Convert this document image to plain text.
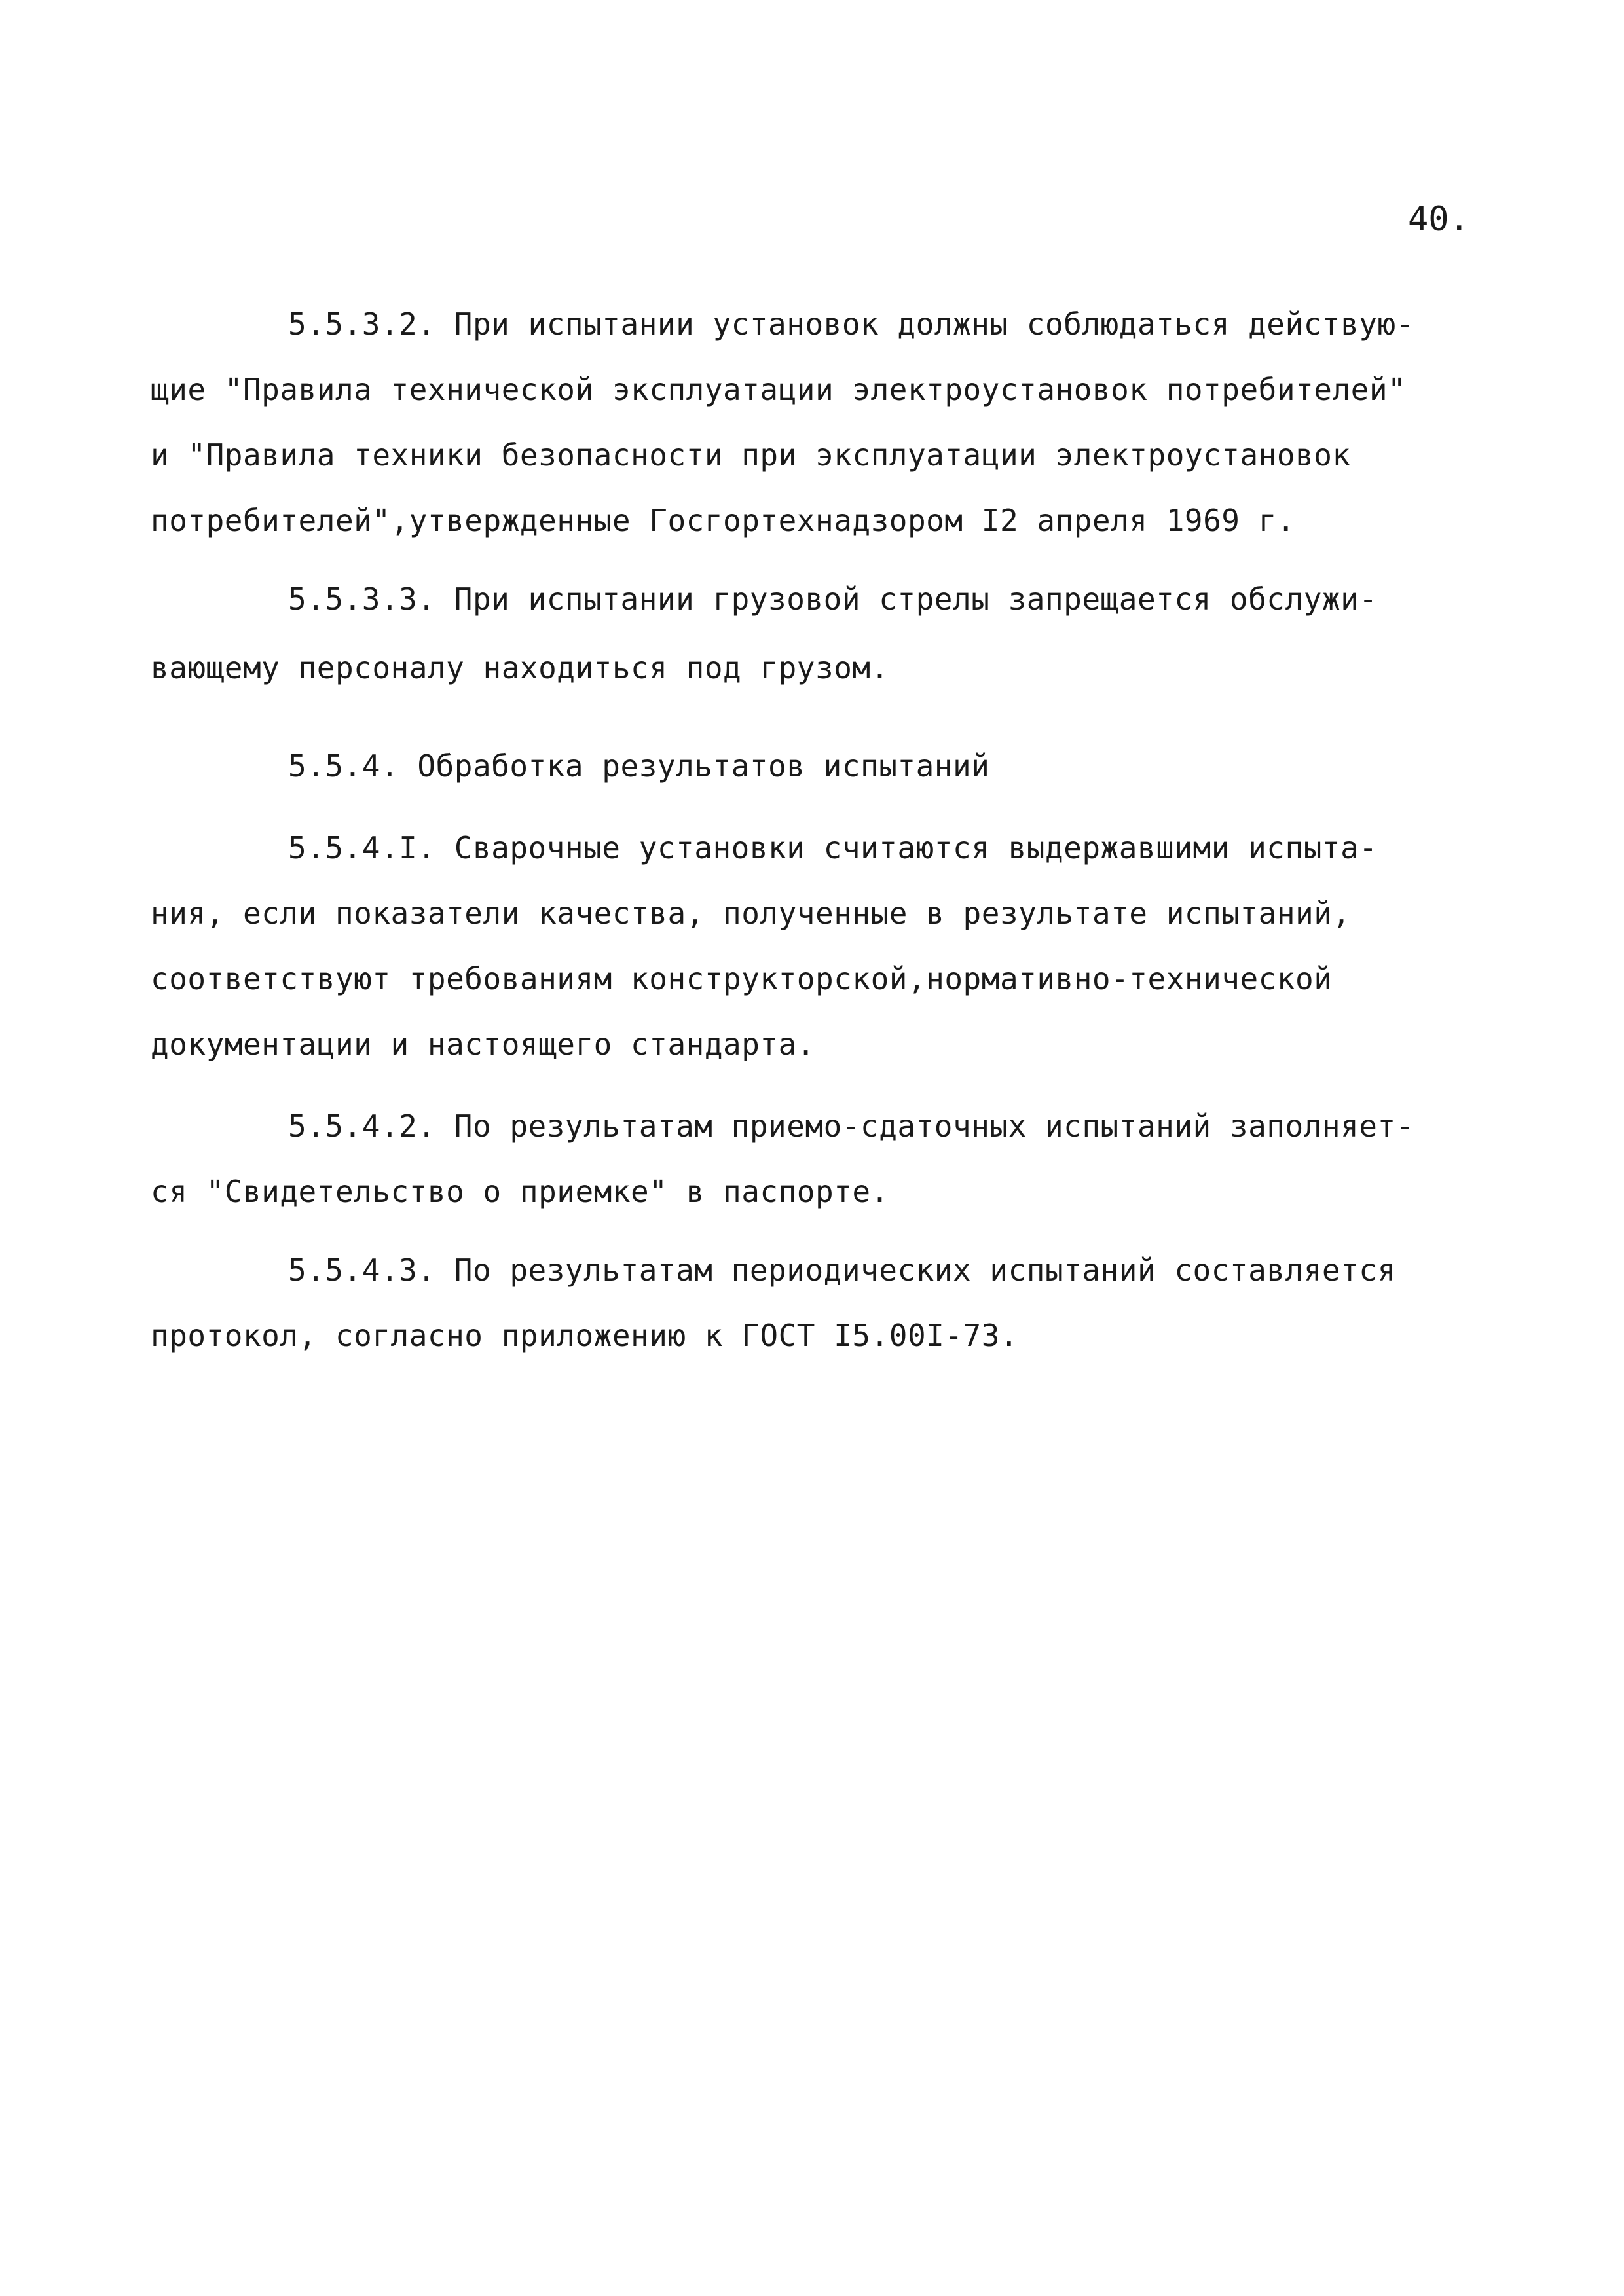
40.
5.5.3.2. При испытании установок должны соблюдаться действую-
щие "Правила технической эксплуатации электроустановок потребителей"
и "Правила техники безопасности при эксплуатации электроустановок
потребителей",утвержденные Госгортехнадзором I2 апреля 1969 г.
5.5.3.3. При испытании грузовой стрелы запрещается обслужи-
вающему персоналу находиться под грузом.
5.5.4. Обработка результатов испытаний
5.5.4.I. Сварочные установки считаются выдержавшими испыта-
ния, если показатели качества, полученные в результате испытаний,
соответствуют требованиям конструкторской,нормативно-технической
документации и настоящего стандарта.
5.5.4.2. По результатам приемо-сдаточных испытаний заполняет-
ся "Свидетельство о приемке" в паспорте.
5.5.4.3. По результатам периодических испытаний составляется
протокол, согласно приложению к ГОСТ I5.00I-73.
